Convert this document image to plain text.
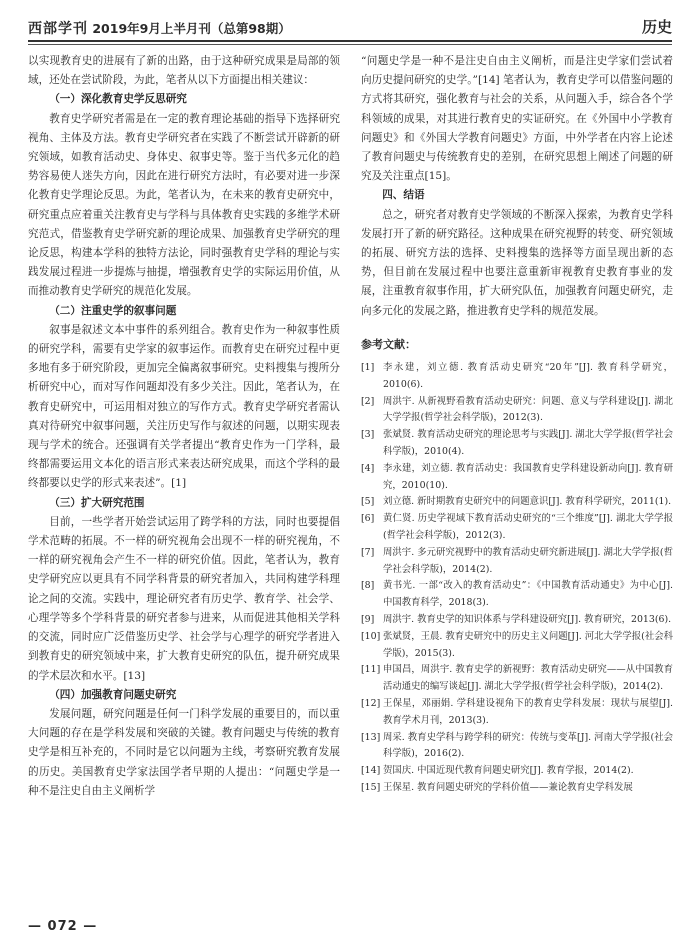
西部学刊 2019年9月上半月刊（总第98期）	历史

以实现教育史的进展有了新的出路，由于这种研究成果是局部的领域，还处在尝试阶段，为此，笔者从以下方面提出相关建议：

（一）深化教育史学反思研究

教育史学研究者需是在一定的教育理论基础的指导下选择研究视角、主体及方法。教育史学研究者在实践了不断尝试开辟新的研究领域，如教育活动史、身体史、叙事史等。鉴于当代多元化的趋势容易使人迷失方向，因此在进行研究方法时，有必要对进一步深化教育史学理论反思。为此，笔者认为，在未来的教育史研究中，研究重点应着重关注教育史与学科与具体教育史实践的多维学术研究范式，借鉴教育史学研究新的理论成果、加强教育史学研究的理论反思，构建本学科的独特方法论，同时强教育史学科的理论与实践发展过程进一步提炼与抽提，增强教育史学的实际运用价值，从而推动教育史学研究的规范化发展。

（二）注重史学的叙事问题

叙事是叙述文本中事件的系列组合。教育史作为一种叙事性质的研究学科，需要有史学家的叙事运作。而教育史在研究过程中更多地有多于研究阶段，更加完全偏离叙事研究。史料搜集与搜所分析研究中心，而对写作问题却没有多少关注。因此，笔者认为，在教育史研究中，可运用相对独立的写作方式。教育史学研究者需认真对待研究中叙事问题，关注历史写作与叙述的问题，以期实现表现与学术的统合。还强调有关学者提出“教育史作为一门学科，最终都需要运用文本化的语言形式来表达研究成果，而这个学科的最终都要以史学的形式来表述”。[1]

（三）扩大研究范围

目前，一些学者开始尝试运用了跨学科的方法，同时也要提倡学术范畴的拓展。不一样的研究视角会出现不一样的研究视角，不一样的研究视角会产生不一样的研究价值。因此，笔者认为，教育史学研究应以更具有不同学科背景的研究者加入，共同构建学科理论之间的交流。实践中，理论研究者有历史学、教育学、社会学、心理学等多个学科背景的研究者参与进来，从而促进其他相关学科的交流，同时应广泛借鉴历史学、社会学与心理学的研究学者进入到教育史的研究领域中来，扩大教育史研究的队伍，提升研究成果的学术层次和水平。[13]

（四）加强教育问题史研究

发展问题，研究问题是任何一门科学发展的重要目的，而以重大问题的存在是学科发展和突破的关键。教育问题史与传统的教育史学是相互补充的，不同时是它以问题为主线，考察研究教育发展的历史。美国教育史学家法国学者早期的人提出：“问题史学是一种不是注史自由主义阐析学

“问题史学是一种不是注史自由主义阐析，而是注史学家们尝试着向历史提问研究的史学。”[14] 笔者认为，教育史学可以借鉴问题的方式将其研究，强化教育与社会的关系，从问题入手，综合各个学科领域的成果，对其进行教育史的实证研究。在《外国中小学教育问题史》和《外国大学教育问题史》方面，中外学者在内容上论述了教育问题史与传统教育史的差别，在研究思想上阐述了问题的研究及关注重点[15]。

四、结语

总之，研究者对教育史学领域的不断深入探索，为教育史学科发展打开了新的研究路径。这种成果在研究视野的转变、研究领域的拓展、研究方法的选择、史料搜集的选择等方面呈现出新的态势，但目前在发展过程中也要注意重新审视教育史教育事业的发展，注重教育叙事作用，扩大研究队伍，加强教育问题史研究，走向多元化的发展之路，推进教育史学科的规范发展。

参考文献：
[1] 李永建，刘立德. 教育活动史研究“20年”[J]. 教育科学研究，2010(6).
[2] 周洪宇. 从新视野看教育活动史研究：问题、意义与学科建设[J]. 湖北大学学报(哲学社会科学版)，2012(3).
[3] 张斌贤. 教育活动史研究的理论思考与实践[J]. 湖北大学学报(哲学社会科学版)，2010(4).
[4] 李永建，刘立德. 教育活动史：我国教育史学科建设新动向[J]. 教育研究，2010(10).
[5] 刘立德. 新时期教育史研究中的问题意识[J]. 教育科学研究，2011(1).
[6] 黄仁贤. 历史学视域下教育活动史研究的“三个维度”[J]. 湖北大学学报(哲学社会科学版)，2012(3).
[7] 周洪宇. 多元研究视野中的教育活动史研究新进展[J]. 湖北大学学报(哲学社会科学版)，2014(2).
[8] 黄书光. 一部“改入的教育活动史”：《中国教育活动通史》为中心[J]. 中国教育科学，2018(3).
[9] 周洪宇. 教育史学的知识体系与学科建设研究[J]. 教育研究，2013(6).
[10] 张斌贤，王晨. 教育史研究中的历史主义问题[J]. 河北大学学报(社会科学版)，2015(3).
[11] 申国昌，周洪宇. 教育史学的新视野：教育活动史研究——从中国教育活动通史的编写谈起[J]. 湖北大学学报(哲学社会科学版)，2014(2).
[12] 王保星，邓丽娟. 学科建设视角下的教育史学科发展：现状与展望[J]. 教育学术月刊，2013(3).
[13] 周采. 教育史学科与跨学科的研究：传统与变革[J]. 河南大学学报(社会科学版)，2016(2).
[14] 贺国庆. 中国近现代教育问题史研究[J]. 教育学报，2014(2).
[15] 王保星. 教育问题史研究的学科价值——兼论教育史学科发展
— 072 —
